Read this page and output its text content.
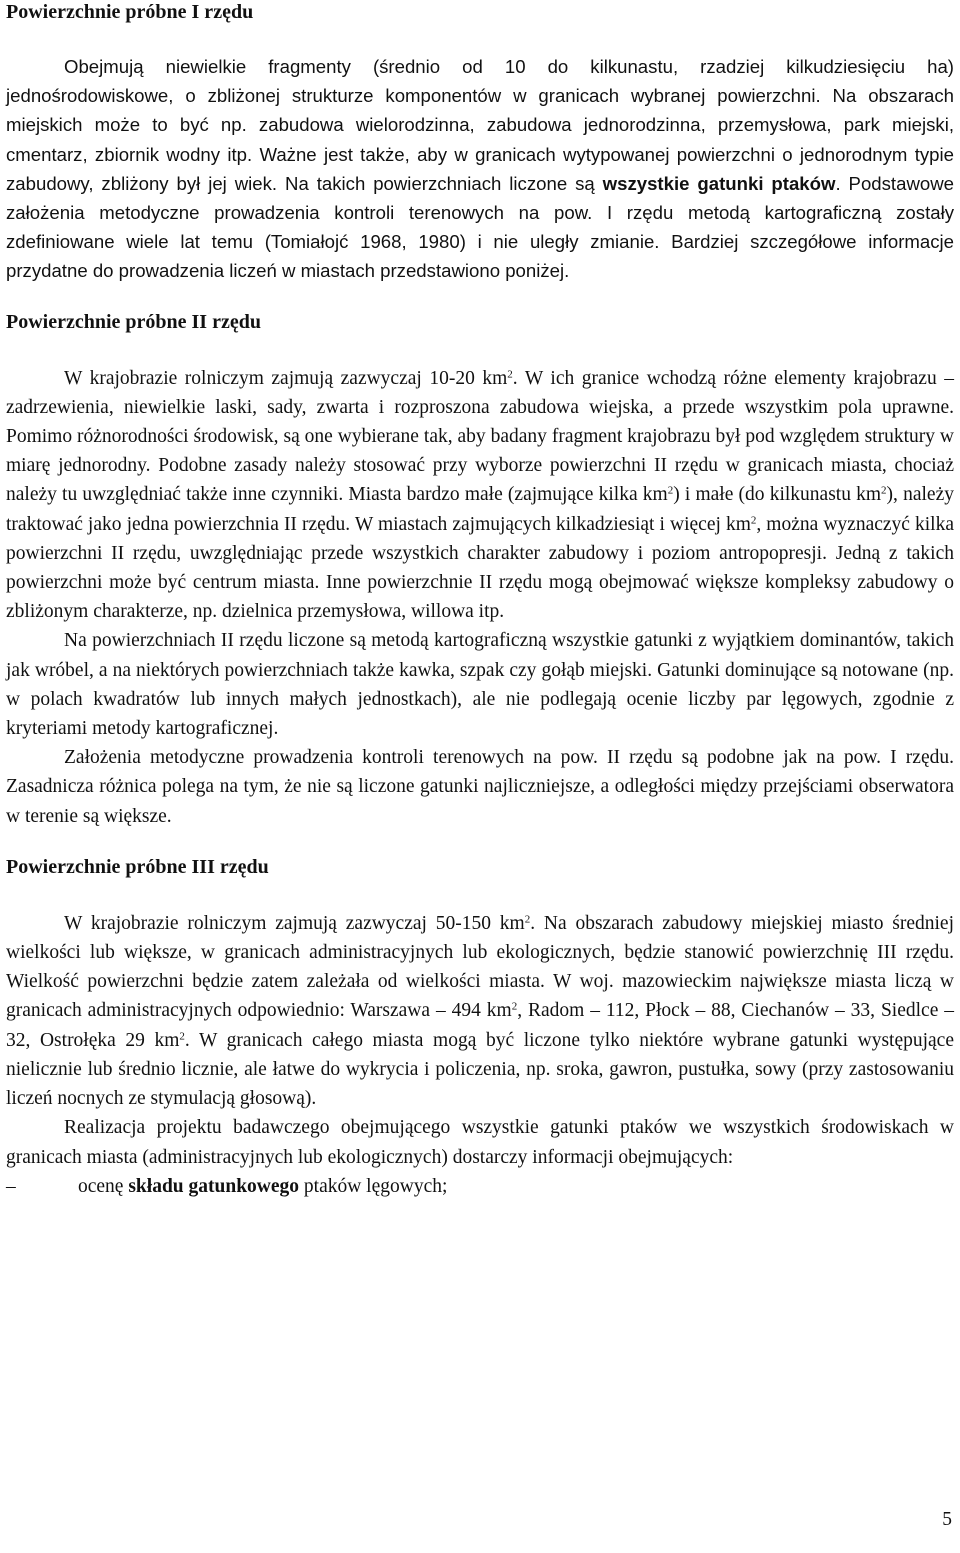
Powierzchnie próbne I rzędu

Obejmują niewielkie fragmenty (średnio od 10 do kilkunastu, rzadziej kilkudziesięciu ha) jednośrodowiskowe, o zbliżonej strukturze komponentów w granicach wybranej powierzchni. Na obszarach miejskich może to być np. zabudowa wielorodzinna, zabudowa jednorodzinna, przemysłowa, park miejski, cmentarz, zbiornik wodny itp. Ważne jest także, aby w granicach wytypowanej powierzchni o jednorodnym typie zabudowy, zbliżony był jej wiek. Na takich powierzchniach liczone są wszystkie gatunki ptaków. Podstawowe założenia metodyczne prowadzenia kontroli terenowych na pow. I rzędu metodą kartograficzną zostały zdefiniowane wiele lat temu (Tomiałojć 1968, 1980) i nie uległy zmianie. Bardziej szczegółowe informacje przydatne do prowadzenia liczeń w miastach przedstawiono poniżej.

Powierzchnie próbne II rzędu

W krajobrazie rolniczym zajmują zazwyczaj 10-20 $km^2$. W ich granice wchodzą różne elementy krajobrazu – zadrzewienia, niewielkie laski, sady, zwarta i rozproszona zabudowa wiejska, a przede wszystkim pola uprawne. Pomimo różnorodności środowisk, są one wybierane tak, aby badany fragment krajobrazu był pod względem struktury w miarę jednorodny. Podobne zasady należy stosować przy wyborze powierzchni II rzędu w granicach miasta, chociaż należy tu uwzględniać także inne czynniki. Miasta bardzo małe (zajmujące kilka $km^2$) i małe (do kilkunastu $km^2$), należy traktować jako jedna powierzchnia II rzędu. W miastach zajmujących kilkadziesiąt i więcej $km^2$, można wyznaczyć kilka powierzchni II rzędu, uwzględniając przede wszystkich charakter zabudowy i poziom antropopresji. Jedną z takich powierzchni może być centrum miasta. Inne powierzchnie II rzędu mogą obejmować większe kompleksy zabudowy o zbliżonym charakterze, np. dzielnica przemysłowa, willowa itp.

Na powierzchniach II rzędu liczone są metodą kartograficzną wszystkie gatunki z wyjątkiem dominantów, takich jak wróbel, a na niektórych powierzchniach także kawka, szpak czy gołąb miejski. Gatunki dominujące są notowane (np. w polach kwadratów lub innych małych jednostkach), ale nie podlegają ocenie liczby par lęgowych, zgodnie z kryteriami metody kartograficznej.

Założenia metodyczne prowadzenia kontroli terenowych na pow. II rzędu są podobne jak na pow. I rzędu. Zasadnicza różnica polega na tym, że nie są liczone gatunki najliczniejsze, a odległości między przejściami obserwatora w terenie są większe.

Powierzchnie próbne III rzędu

W krajobrazie rolniczym zajmują zazwyczaj 50-150 $km^2$. Na obszarach zabudowy miejskiej miasto średniej wielkości lub większe, w granicach administracyjnych lub ekologicznych, będzie stanowić powierzchnię III rzędu. Wielkość powierzchni będzie zatem zależała od wielkości miasta. W woj. mazowieckim największe miasta liczą w granicach administracyjnych odpowiednio: Warszawa – 494 $km^2$, Radom – 112, Płock – 88, Ciechanów – 33, Siedlce – 32, Ostrołęka 29 $km^2$. W granicach całego miasta mogą być liczone tylko niektóre wybrane gatunki występujące nielicznie lub średnio licznie, ale łatwe do wykrycia i policzenia, np. sroka, gawron, pustułka, sowy (przy zastosowaniu liczeń nocnych ze stymulacją głosową).

Realizacja projektu badawczego obejmującego wszystkie gatunki ptaków we wszystkich środowiskach w granicach miasta (administracyjnych lub ekologicznych) dostarczy informacji obejmujących:

–	ocenę składu gatunkowego ptaków lęgowych;
5
